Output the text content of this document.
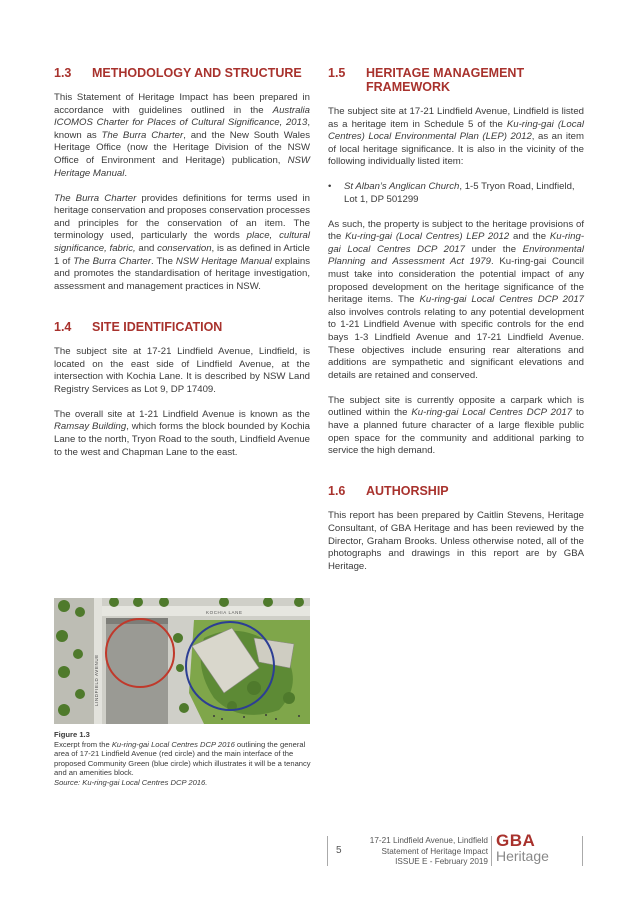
1.3	METHODOLOGY AND STRUCTURE

This Statement of Heritage Impact has been prepared in accordance with guidelines outlined in the Australia ICOMOS Charter for Places of Cultural Significance, 2013, known as The Burra Charter, and the New South Wales Heritage Office (now the Heritage Division of the NSW Office of Environment and Heritage) publication, NSW Heritage Manual.

The Burra Charter provides definitions for terms used in heritage conservation and proposes conservation processes and principles for the conservation of an item. The terminology used, particularly the words place, cultural significance, fabric, and conservation, is as defined in Article 1 of The Burra Charter. The NSW Heritage Manual explains and promotes the standardisation of heritage investigation, assessment and management practices in NSW.

1.4	SITE IDENTIFICATION

The subject site at 17-21 Lindfield Avenue, Lindfield, is located on the east side of Lindfield Avenue, at the intersection with Kochia Lane. It is described by NSW Land Registry Services as Lot 9, DP 17409.

The overall site at 1-21 Lindfield Avenue is known as the Ramsay Building, which forms the block bounded by Kochia Lane to the north, Tryon Road to the south, Lindfield Avenue to the west and Chapman Lane to the east.

1.5	HERITAGE MANAGEMENT FRAMEWORK

The subject site at 17-21 Lindfield Avenue, Lindfield is listed as a heritage item in Schedule 5 of the Ku-ring-gai (Local Centres) Local Environmental Plan (LEP) 2012, as an item of local heritage significance. It is also in the vicinity of the following individually listed item:

•	St Alban’s Anglican Church, 1-5 Tryon Road, Lindfield, Lot 1, DP 501299

As such, the property is subject to the heritage provisions of the Ku-ring-gai (Local Centres) LEP 2012 and the Ku-ring-gai Local Centres DCP 2017 under the Environmental Planning and Assessment Act 1979. Ku-ring-gai Council must take into consideration the potential impact of any proposed development on the heritage significance of the heritage items. The Ku-ring-gai Local Centres DCP 2017 also involves controls relating to any potential development to 1-21 Lindfield Avenue with specific controls for the end bays 1-3 Lindfield Avenue and 17-21 Lindfield Avenue. These objectives include ensuring rear alterations and additions are sympathetic and significant elevations and details are retained and conserved.

The subject site is currently opposite a carpark which is outlined within the Ku-ring-gai Local Centres DCP 2017 to have a planned future character of a large flexible public open space for the community and additional parking to service the high demand.

1.6	AUTHORSHIP

This report has been prepared by Caitlin Stevens, Heritage Consultant, of GBA Heritage and has been reviewed by the Director, Graham Brooks. Unless otherwise noted, all of the photographs and drawings in this report are by GBA Heritage.

KOCHIA LANE
LINDFIELD AVENUE
Figure 1.3
Excerpt from the Ku-ring-gai Local Centres DCP 2016 outlining the general area of 17-21 Lindfield Avenue (red circle) and the main interface of the proposed Community Green (blue circle) which illustrates it will be a tenancy and an amenities block.
Source: Ku-ring-gai Local Centres DCP 2016.
5
17-21 Lindfield Avenue, Lindfield
Statement of Heritage Impact
ISSUE E - February 2019
GBA
Heritage
